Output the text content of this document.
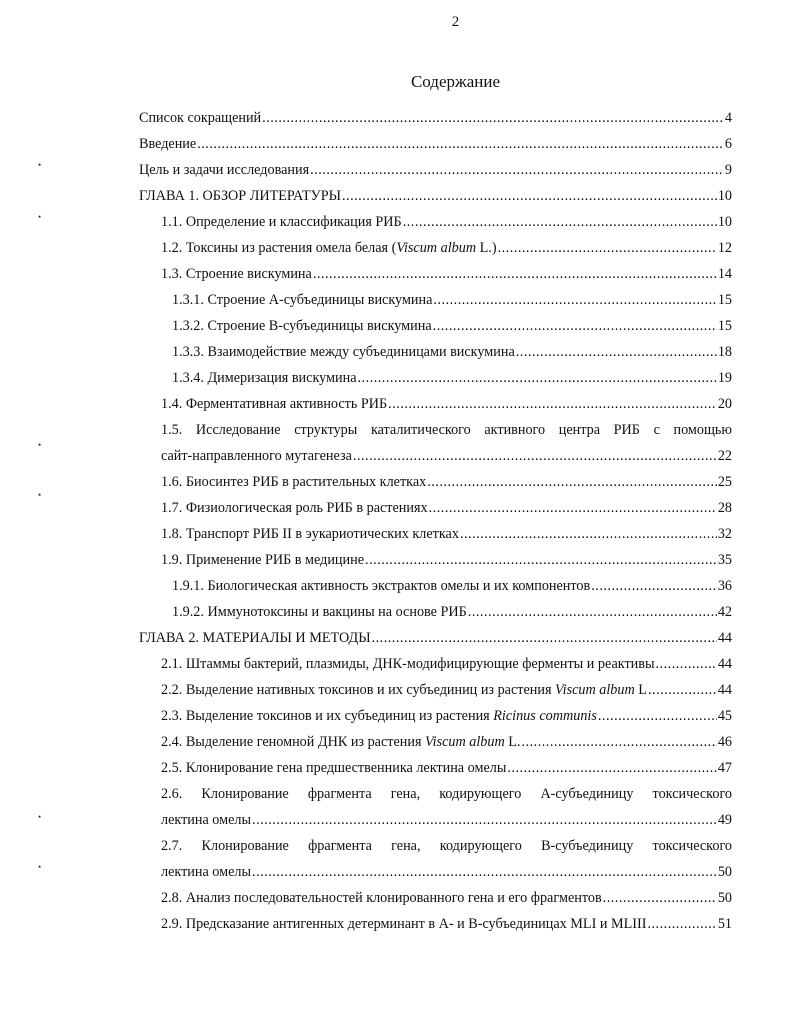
2
Содержание
•
•
•
•
•
•
Список сокращений .....	4
Введение .....	6
Цель и задачи исследования .....	9
ГЛАВА 1. ОБЗОР ЛИТЕРАТУРЫ .....	10
1.1. Определение и классификация РИБ .....	10
1.2. Токсины из растения омела белая (Viscum album L.) .....	12
1.3. Строение вискумина .....	14
1.3.1. Строение А-субъединицы вискумина .....	15
1.3.2. Строение В-субъединицы вискумина .....	15
1.3.3. Взаимодействие между субъединицами вискумина .....	18
1.3.4. Димеризация вискумина .....	19
1.4. Ферментативная активность РИБ .....	20
1.5. Исследование структуры каталитического активного центра РИБ с помощью
сайт-направленного мутагенеза .....	22
1.6. Биосинтез РИБ в растительных клетках .....	25
1.7. Физиологическая роль РИБ в растениях .....	28
1.8. Транспорт РИБ II в эукариотических клетках .....	32
1.9. Применение РИБ в медицине .....	35
1.9.1. Биологическая активность экстрактов омелы и их компонентов .....	36
1.9.2. Иммунотоксины и вакцины на основе РИБ .....	42
ГЛАВА 2. МАТЕРИАЛЫ И МЕТОДЫ .....	44
2.1. Штаммы бактерий, плазмиды, ДНК-модифицирующие ферменты и реактивы .....	44
2.2. Выделение нативных токсинов и их субъединиц из растения Viscum album L .....	44
2.3. Выделение токсинов и их субъединиц из растения Ricinus communis .....	45
2.4. Выделение геномной ДНК из растения Viscum album L. .....	46
2.5. Клонирование гена предшественника лектина омелы .....	47
2.6. Клонирование фрагмента гена, кодирующего А-субъединицу токсического
лектина омелы .....	49
2.7. Клонирование фрагмента гена, кодирующего В-субъединицу токсического
лектина омелы .....	50
2.8. Анализ последовательностей клонированного гена и его фрагментов .....	50
2.9. Предсказание антигенных детерминант в А- и В-субъединицах MLI и MLIII .....	51
